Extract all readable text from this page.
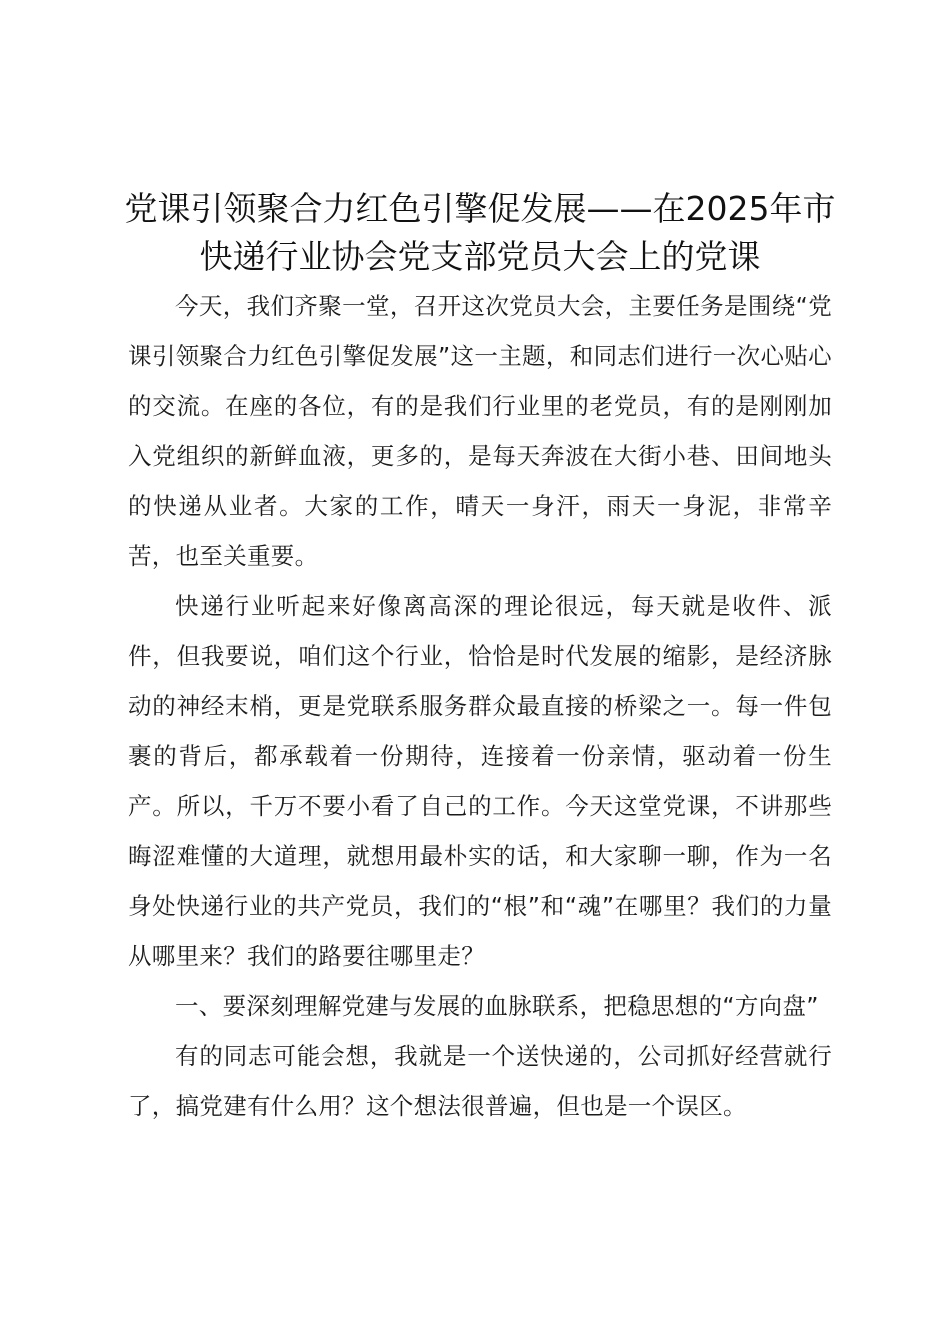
党课引领聚合力红色引擎促发展——在2025年市快递行业协会党支部党员大会上的党课

今天，我们齐聚一堂，召开这次党员大会，主要任务是围绕“党课引领聚合力红色引擎促发展”这一主题，和同志们进行一次心贴心的交流。在座的各位，有的是我们行业里的老党员，有的是刚刚加入党组织的新鲜血液，更多的，是每天奔波在大街小巷、田间地头的快递从业者。大家的工作，晴天一身汗，雨天一身泥，非常辛苦，也至关重要。

快递行业听起来好像离高深的理论很远，每天就是收件、派件，但我要说，咱们这个行业，恰恰是时代发展的缩影，是经济脉动的神经末梢，更是党联系服务群众最直接的桥梁之一。每一件包裹的背后，都承载着一份期待，连接着一份亲情，驱动着一份生产。所以，千万不要小看了自己的工作。今天这堂党课，不讲那些晦涩难懂的大道理，就想用最朴实的话，和大家聊一聊，作为一名身处快递行业的共产党员，我们的“根”和“魂”在哪里？我们的力量从哪里来？我们的路要往哪里走？

一、要深刻理解党建与发展的血脉联系，把稳思想的“方向盘”

有的同志可能会想，我就是一个送快递的，公司抓好经营就行了，搞党建有什么用？这个想法很普遍，但也是一个误区。
